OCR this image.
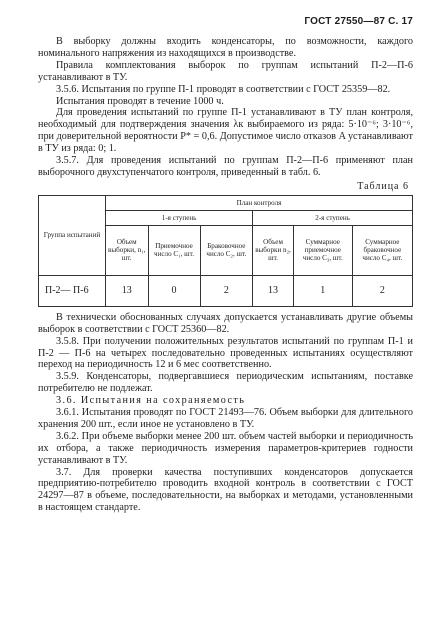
ГОСТ 27550—87 С. 17

В выборку должны входить конденсаторы, по возможности, каждого номинального напряжения из находящихся в производстве.

Правила комплектования выборок по группам испытаний П-2—П-6 устанавливают в ТУ.

3.5.6. Испытания по группе П-1 проводят в соответствии с ГОСТ 25359—82.

Испытания проводят в течение 1000 ч.

Для проведения испытаний по группе П-1 устанавливают в ТУ план контроля, необходимый для подтверждения значения λк выбираемого из ряда: 5·10⁻⁶; 3·10⁻⁶, при доверительной вероятности P* = 0,6. Допустимое число отказов A устанавливают в ТУ из ряда: 0; 1.

3.5.7. Для проведения испытаний по группам П-2—П-6 применяют план выборочного двухступенчатого контроля, приведенный в табл. 6.

Таблица 6
Группа испытаний	План контроля					
	1-я ступень			2-я ступень		
	Объем выборки, n₁, шт.	Приемочное число C₁, шт.	Браковочное число C₂, шт.	Объем выборки n₂, шт.	Суммарное приемочное число C₃, шт.	Суммарное браковочное число C₄, шт.
П-2— П-6	13	0	2	13	1	2

В технически обоснованных случаях допускается устанавливать другие объемы выборок в соответствии с ГОСТ 25360—82.

3.5.8. При получении положительных результатов испытаний по группам П-1 и П-2 — П-6 на четырех последовательно проведенных испытаниях осуществляют переход на периодичность 12 и 6 мес соответственно.

3.5.9. Конденсаторы, подвергавшиеся периодическим испытаниям, поставке потребителю не подлежат.

3.6. Испытания на сохраняемость

3.6.1. Испытания проводят по ГОСТ 21493—76. Объем выборки для длительного хранения 200 шт., если иное не установлено в ТУ.

3.6.2. При объеме выборки менее 200 шт. объем частей выборки и периодичность их отбора, а также периодичность измерения параметров-критериев годности устанавливают в ТУ.

3.7. Для проверки качества поступивших конденсаторов допускается предприятию-потребителю проводить входной контроль в соответствии с ГОСТ 24297—87 в объеме, последовательности, на выборках и методами, установленными в настоящем стандарте.
